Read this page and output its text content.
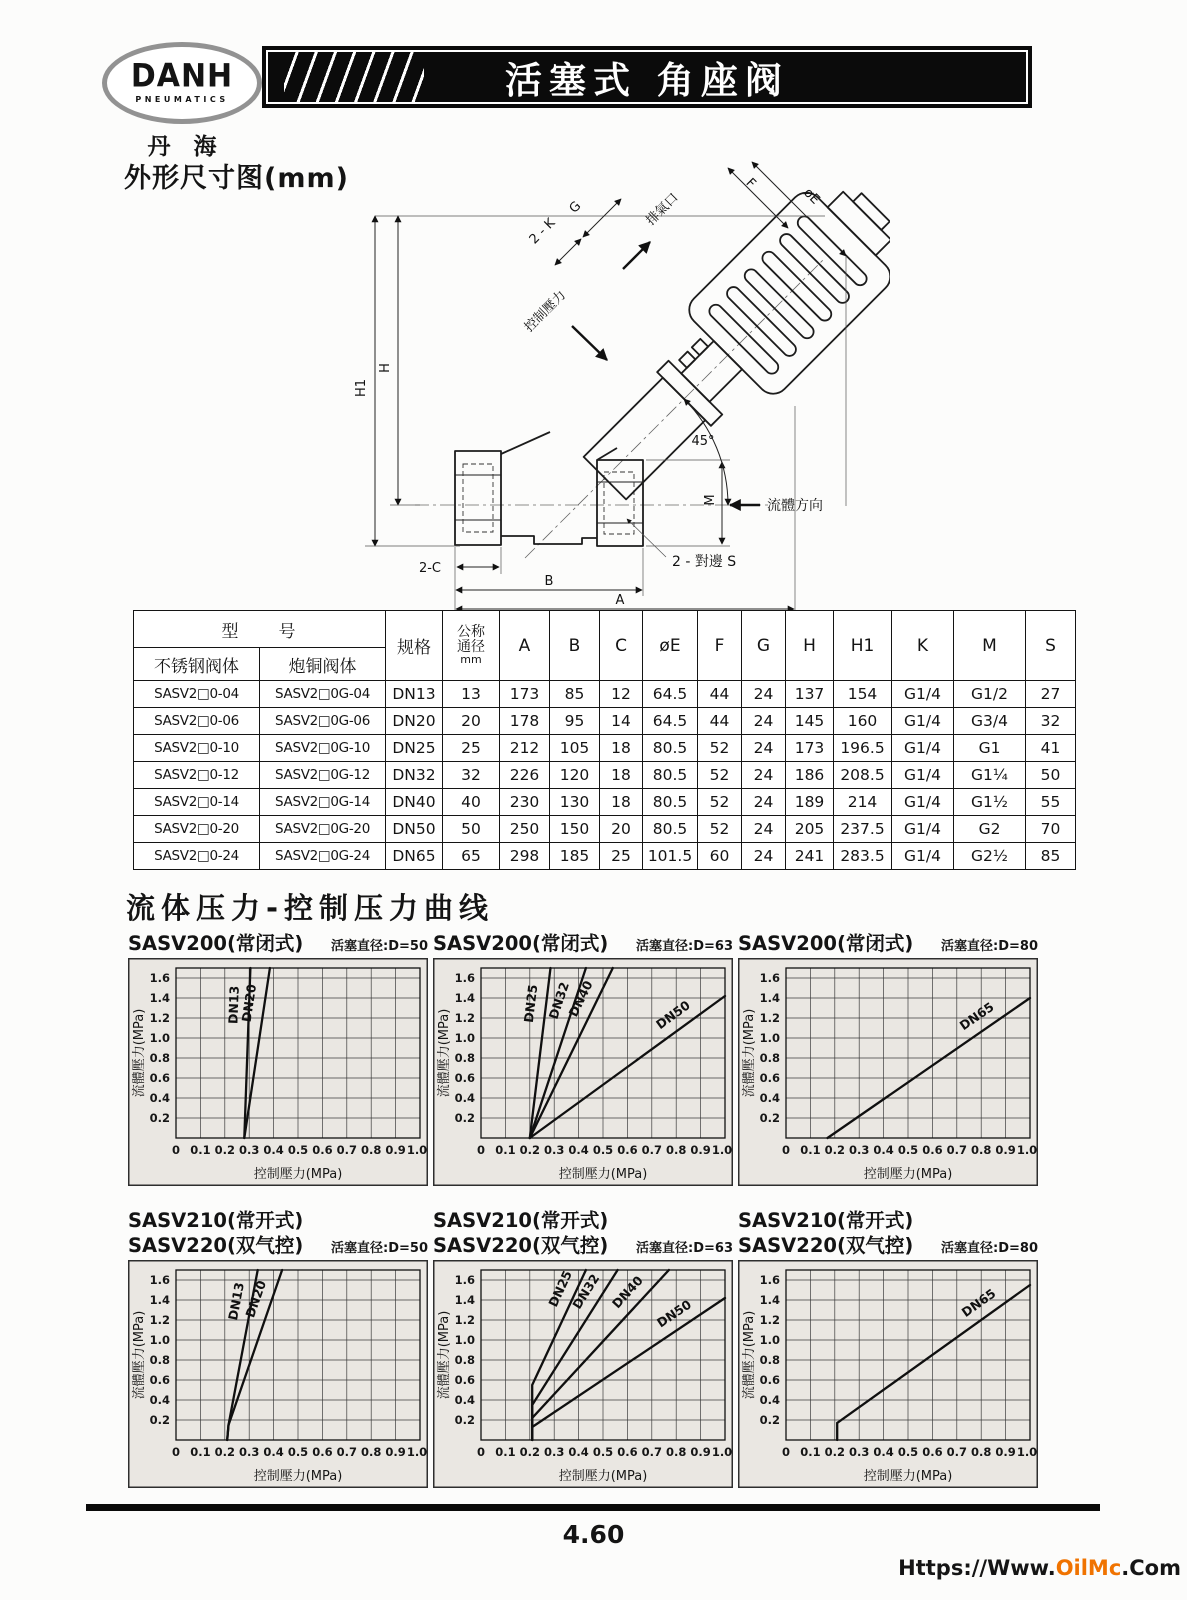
DANH
PNEUMATICS
丹　海
活塞式 角座阀
外形尺寸图(mm)
H1
H
G
2 - K
控制壓力
排氣口
F
øE
45°
M	流體方向
2-C
B
A
2 - 對邊 S
型　　号		规格	公称
通径
mm	A	B	C	øE	F	G	H	H1	K	M	S
不锈钢阀体	炮铜阀体													
SASV2□0-04	SASV2□0G-04	DN13	13	173	85	12	64.5	44	24	137	154	G1/4	G1/2	27
SASV2□0-06	SASV2□0G-06	DN20	20	178	95	14	64.5	44	24	145	160	G1/4	G3/4	32
SASV2□0-10	SASV2□0G-10	DN25	25	212	105	18	80.5	52	24	173	196.5	G1/4	G1	41
SASV2□0-12	SASV2□0G-12	DN32	32	226	120	18	80.5	52	24	186	208.5	G1/4	G1¼	50
SASV2□0-14	SASV2□0G-14	DN40	40	230	130	18	80.5	52	24	189	214	G1/4	G1½	55
SASV2□0-20	SASV2□0G-20	DN50	50	250	150	20	80.5	52	24	205	237.5	G1/4	G2	70
SASV2□0-24	SASV2□0G-24	DN65	65	298	185	25	101.5	60	24	241	283.5	G1/4	G2½	85
流体压力-控制压力曲线
SASV200(常闭式) 活塞直径:D=50
0 0.1 0.2 0.3 0.4 0.5 0.6 0.7 0.8 0.9 1.0
0.2
0.4
0.6
0.8
1.0
1.2
1.4
1.6
控制壓力(MPa)
流體壓力(MPa)
DN13
DN20
SASV200(常闭式) 活塞直径:D=63
0 0.1 0.2 0.3 0.4 0.5 0.6 0.7 0.8 0.9 1.0
0.2
0.4
0.6
0.8
1.0
1.2
1.4
1.6
控制壓力(MPa)
流體壓力(MPa)
DN25 DN32
DN40	DN50
SASV200(常闭式) 活塞直径:D=80
0 0.1 0.2 0.3 0.4 0.5 0.6 0.7 0.8 0.9 1.0
0.2
0.4
0.6
0.8
1.0
1.2
1.4
1.6
控制壓力(MPa)
流體壓力(MPa)	DN65
SASV210(常开式)
SASV220(双气控) 活塞直径:D=50
0 0.1 0.2 0.3 0.4 0.5 0.6 0.7 0.8 0.9 1.0
0.2
0.4
0.6
0.8
1.0
1.2
1.4
1.6
控制壓力(MPa)
流體壓力(MPa)
DN13
DN20
SASV210(常开式)
SASV220(双气控) 活塞直径:D=63
0 0.1 0.2 0.3 0.4 0.5 0.6 0.7 0.8 0.9 1.0
0.2
0.4
0.6
0.8
1.0
1.2
1.4
1.6
控制壓力(MPa)
流體壓力(MPa)
DN25
DN32 DN40
DN50
SASV210(常开式)
SASV220(双气控) 活塞直径:D=80
0 0.1 0.2 0.3 0.4 0.5 0.6 0.7 0.8 0.9 1.0
0.2
0.4
0.6
0.8
1.0
1.2
1.4
1.6
控制壓力(MPa)
流體壓力(MPa)
DN65
4.60
Https://Www.OilMc.Com
